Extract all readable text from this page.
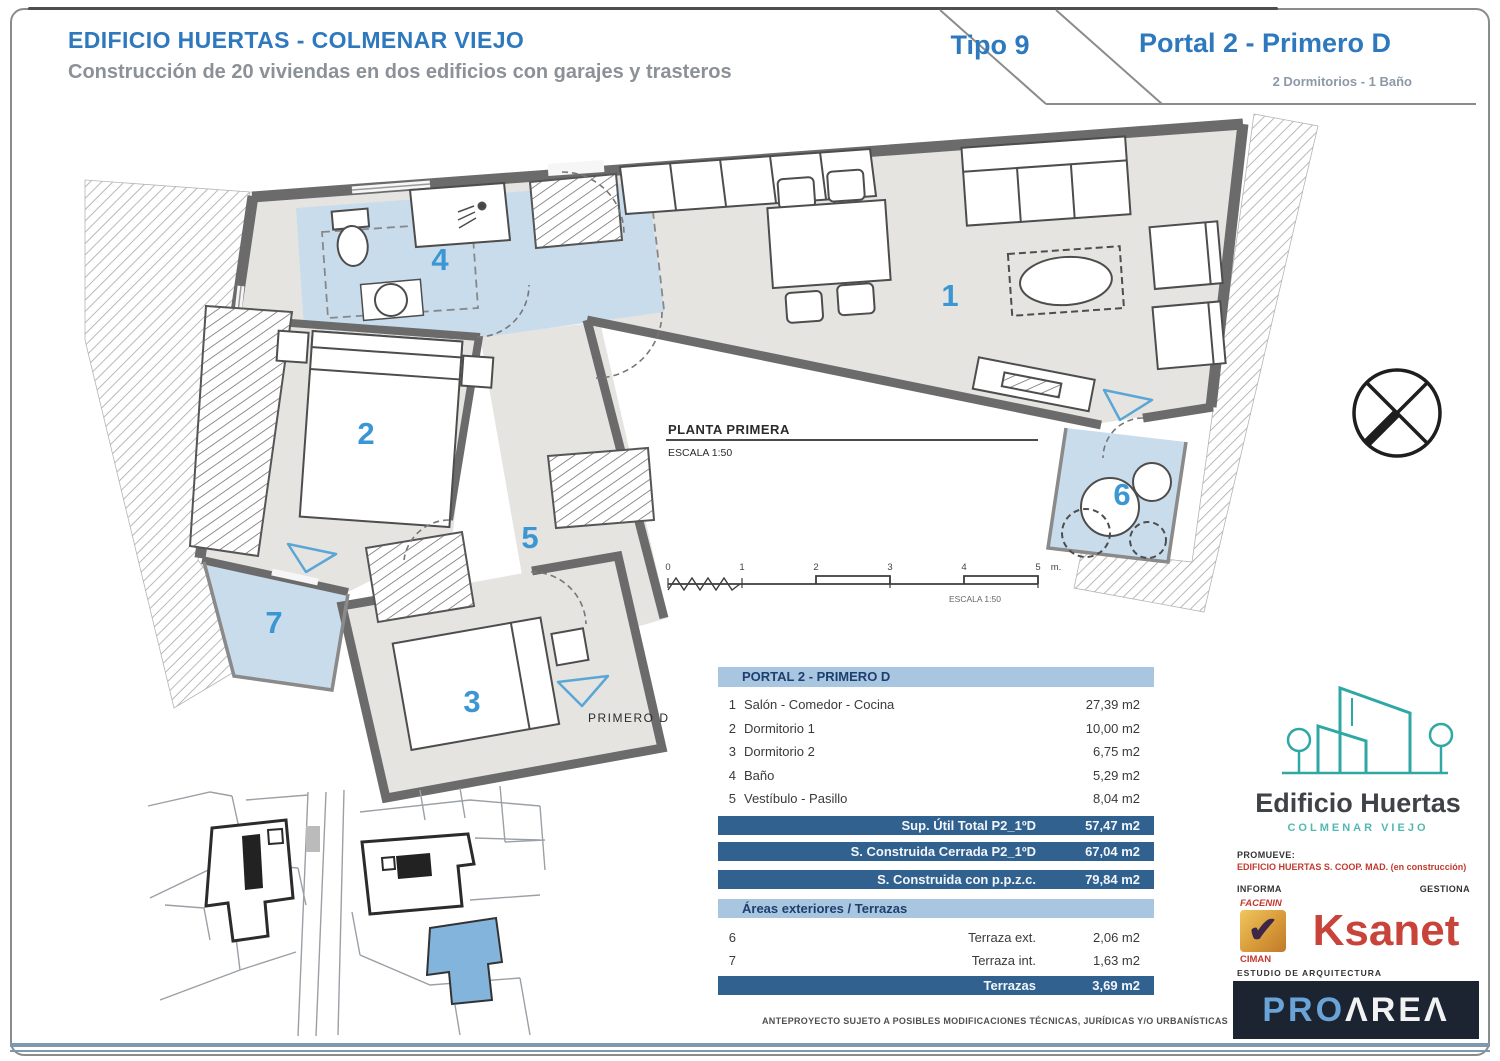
1
2
3
4
5
6
7
PLANTA PRIMERA
ESCALA 1:50
PRIMERO D
0	1	2	3	4	5 m.
ESCALA 1:50
EDIFICIO HUERTAS - COLMENAR VIEJO
Construcción de 20 viviendas en dos edificios con garajes y trasteros
Tipo 9	Portal 2 - Primero D
2 Dormitorios - 1 Baño
PORTAL 2 - PRIMERO D
1 Salón - Comedor - Cocina	27,39 m2
2 Dormitorio 1	10,00 m2
3 Dormitorio 2	6,75 m2
4 Baño	5,29 m2
5 Vestíbulo - Pasillo	8,04 m2
Sup. Útil Total P2_1ºD	57,47 m2
S. Construida Cerrada P2_1ºD	67,04 m2
S. Construida con p.p.z.c.	79,84 m2
Áreas exteriores / Terrazas
6	Terraza ext.	2,06 m2
7	Terraza int.	1,63 m2
Terrazas	3,69 m2
Edificio Huertas
COLMENAR VIEJO
PROMUEVE:
EDIFICIO HUERTAS S. COOP. MAD. (en construcción)
INFORMA	GESTIONA
FACENIN
✔
CIMAN
Ksanet
ESTUDIO DE ARQUITECTURA
PROΛREΛ
ANTEPROYECTO SUJETO A POSIBLES MODIFICACIONES TÉCNICAS, JURÍDICAS Y/O URBANÍSTICAS
